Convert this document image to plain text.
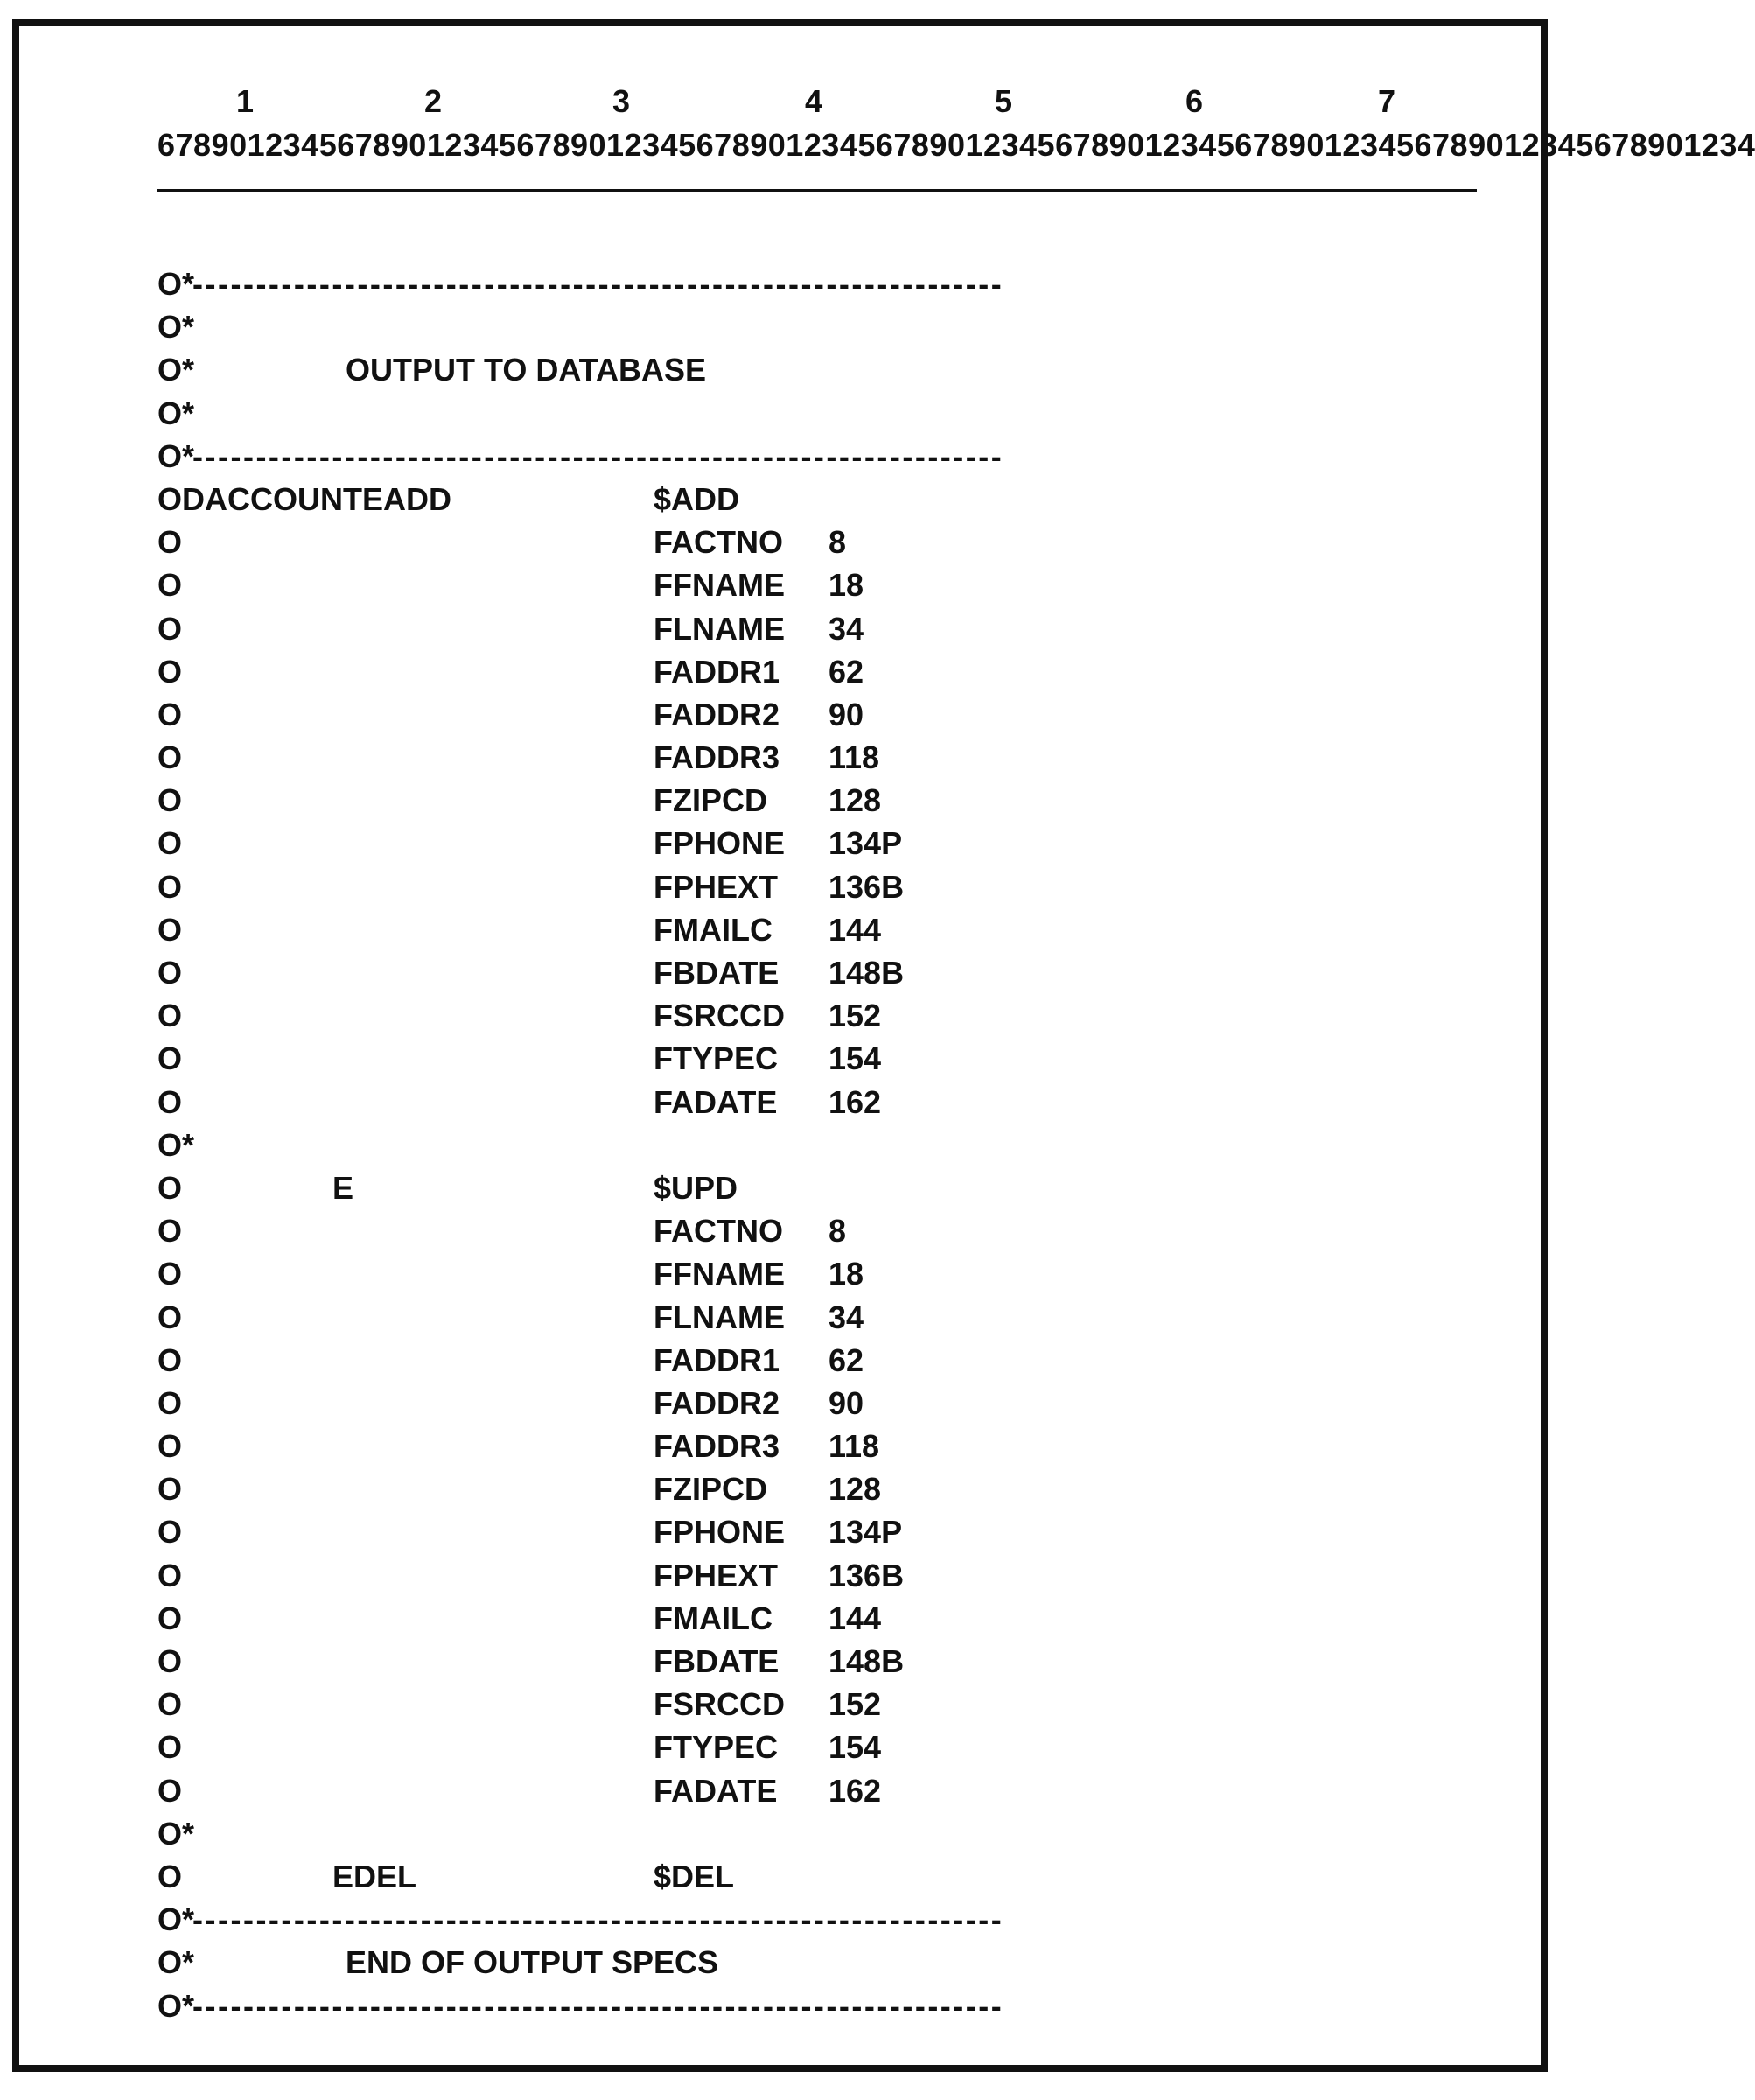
1

	2

	3

	4

	5

	6

	7

67890123456789012345678901234567890123456789012345678901234567890123456789012345678901234
O*
----------------------------------------------------------------
O*
O*	OUTPUT TO DATABASE
O*
O*
----------------------------------------------------------------
ODACCOUNTEADD	$ADD
O	FACTNO 8
O	FFNAME 18
O	FLNAME 34
O	FADDR1 62
O	FADDR2 90
O	FADDR3 118
O	FZIPCD 128
O	FPHONE 134P
O	FPHEXT 136B
O	FMAILC 144
O	FBDATE 148B
O	FSRCCD 152
O	FTYPEC 154
O	FADATE 162
O*
O	E	$UPD
O	FACTNO 8
O	FFNAME 18
O	FLNAME 34
O	FADDR1 62
O	FADDR2 90
O	FADDR3 118
O	FZIPCD 128
O	FPHONE 134P
O	FPHEXT 136B
O	FMAILC 144
O	FBDATE 148B
O	FSRCCD 152
O	FTYPEC 154
O	FADATE 162
O*
O	EDEL	$DEL
O*
----------------------------------------------------------------
O*	END OF OUTPUT SPECS
O*
----------------------------------------------------------------
